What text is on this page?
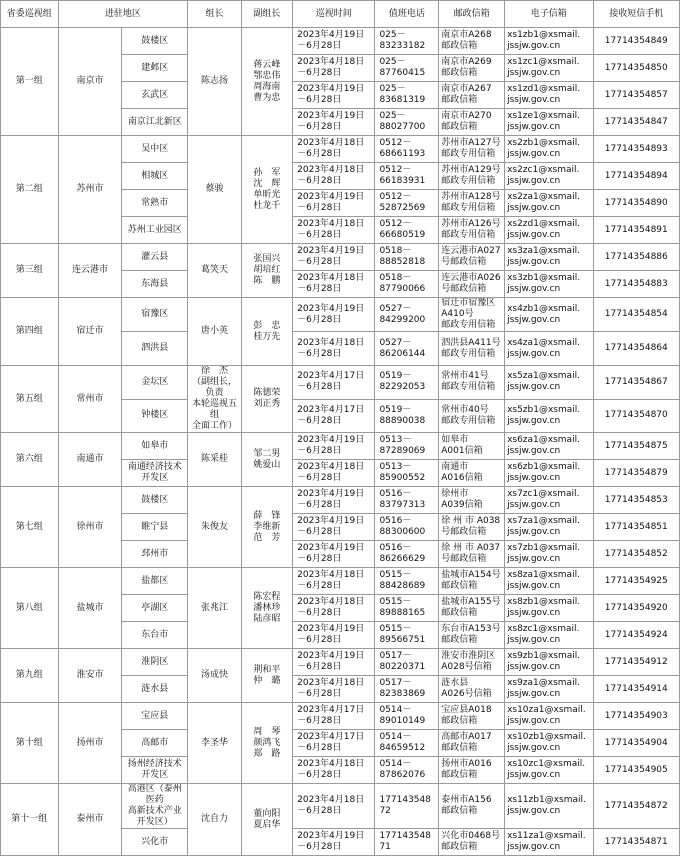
省委巡视组	进驻地区		组长	副组长	巡视时间	值班电话	邮政信箱	电子信箱	接收短信手机
第一组	南京市	鼓楼区	陈志扬	蒋云峰
鄂忠伟
周海南
曹为忠	2023年4月19日
－6月28日	025－
83233182	南京市A268
邮政信箱	xs1zb1@xsmail.
jssjw.gov.cn	17714354849
		建邺区			2023年4月18日
－6月28日	025－
87760415	南京市A269
邮政信箱	xs1zc1@xsmail.
jssjw.gov.cn	17714354850
		玄武区			2023年4月19日
－6月28日	025－
83681319	南京市A267
邮政信箱	xs1zd1@xsmail.
jssjw.gov.cn	17714354857
		南京江北新区			2023年4月19日
－6月28日	025－
88027700	南京市A270
邮政信箱	xs1ze1@xsmail.
jssjw.gov.cn	17714354847
第二组	苏州市	吴中区	蔡骏	孙　军
沈　辉
单昕光
杜龙千	2023年4月18日
－6月28日	0512－
68661193	苏州市A127号
邮政专用信箱	xs2zb1@xsmail.
jssjw.gov.cn	17714354893
		相城区			2023年4月18日
－6月28日	0512－
66183931	苏州市A129号
邮政专用信箱	xs2zc1@xsmail.
jssjw.gov.cn	17714354894
		常熟市			2023年4月19日
－6月28日	0512－
52872569	苏州市A128号
邮政专用信箱	xs2za1@xsmail.
jssjw.gov.cn	17714354890
		苏州工业园区			2023年4月18日
－6月28日	0512－
66680519	苏州市A126号
邮政专用信箱	xs2zd1@xsmail.
jssjw.gov.cn	17714354891
第三组	连云港市	灌云县	葛笑天	张国兴
胡培红
陈　鹏	2023年4月19日
－6月28日	0518－
88852818	连云港市A027
号邮政信箱	xs3za1@xsmail.
jssjw.gov.cn	17714354886
		东海县			2023年4月18日
－6月28日	0518－
87790066	连云港市A026
号邮政信箱	xs3zb1@xsmail.
jssjw.gov.cn	17714354883
第四组	宿迁市	宿豫区	唐小英	彭　忠
桂万先	2023年4月19日
－6月28日	0527－
84299200	宿迁市宿豫区
A410号
邮政专用信箱	xs4zb1@xsmail.
jssjw.gov.cn	17714354854
		泗洪县			2023年4月18日
－6月28日	0527－
86206144	泗洪县A411号
邮政专用信箱	xs4za1@xsmail.
jssjw.gov.cn	17714354864
第五组	常州市	金坛区	徐　杰
（副组长，负责
本轮巡视五组
全面工作）	陈德荣
刘正秀	2023年4月17日
－6月28日	0519－
82292053	常州市41号
邮政专用信箱	xs5za1@xsmail.
jssjw.gov.cn	17714354867
		钟楼区			2023年4月17日
－6月28日	0519－
88890038	常州市40号
邮政专用信箱	xs5zb1@xsmail.
jssjw.gov.cn	17714354870
第六组	南通市	如皋市	陈采桂	邹二男
姚爱山	2023年4月19日
－6月28日	0513－
87289069	如皋市
A001信箱	xs6za1@xsmail.
jssjw.gov.cn	17714354875
		南通经济技术
开发区			2023年4月18日
－6月28日	0513－
85900552	南通市
A016信箱	xs6zb1@xsmail.
jssjw.gov.cn	17714354879
第七组	徐州市	鼓楼区	朱俊友	薛　锋
李维新
范　芳	2023年4月19日
－6月28日	0516－
83797313	徐州市
A039信箱	xs7zc1@xsmail.
jssjw.gov.cn	17714354853
		睢宁县			2023年4月19日
－6月28日	0516－
88300600	徐 州 市 A038
号邮政信箱	xs7za1@xsmail.
jssjw.gov.cn	17714354851
		邳州市			2023年4月19日
－6月28日	0516－
86266629	徐 州 市 A037
号邮政信箱	xs7zb1@xsmail.
jssjw.gov.cn	17714354852
第八组	盐城市	盐都区	张兆江	陈宏程
潘林珍
陆彦昭	2023年4月18日
－6月28日	0515－
88428689	盐城市A154号
邮政信箱	xs8za1@xsmail.
jssjw.gov.cn	17714354925
		亭湖区			2023年4月18日
－6月28日	0515－
89888165	盐城市A155号
邮政信箱	xs8zb1@xsmail.
jssjw.gov.cn	17714354920
		东台市			2023年4月19日
－6月28日	0515－
89566751	东台市A153号
邮政信箱	xs8zc1@xsmail.
jssjw.gov.cn	17714354924
第九组	淮安市	淮阴区	汤成快	荆和平
仲　璐	2023年4月19日
－6月28日	0517－
80220371	淮安市淮阴区
A028号信箱	xs9zb1@xsmail.
jssjw.gov.cn	17714354912
		涟水县			2023年4月18日
－6月28日	0517－
82383869	涟水县
A026号信箱	xs9za1@xsmail.
jssjw.gov.cn	17714354914
第十组	扬州市	宝应县	李圣华	周　琴
颜鸿飞
郑　路	2023年4月17日
－6月28日	0514－
89010149	宝应县A018
邮政信箱	xs10za1@xsmail.
jssjw.gov.cn	17714354903
		高邮市			2023年4月17日
－6月28日	0514－
84659512	高邮市A017
邮政信箱	xs10zb1@xsmail.
jssjw.gov.cn	17714354904
		扬州经济技术
开发区			2023年4月18日
－6月28日	0514－
87862076	扬州市A016
邮政信箱	xs10zc1@xsmail.
jssjw.gov.cn	17714354905
第十一组	泰州市	高港区（泰州医药
高新技术产业
开发区）	沈自力	董向阳
夏启华	2023年4月18日
－6月28日	17714354872	泰州市A156
邮政信箱	xs11zb1@xsmail.
jssjw.gov.cn	17714354872
		兴化市			2023年4月19日
－6月28日	17714354871	兴化市0468号
邮政信箱	xs11za1@xsmail.
jssjw.gov.cn	17714354871
